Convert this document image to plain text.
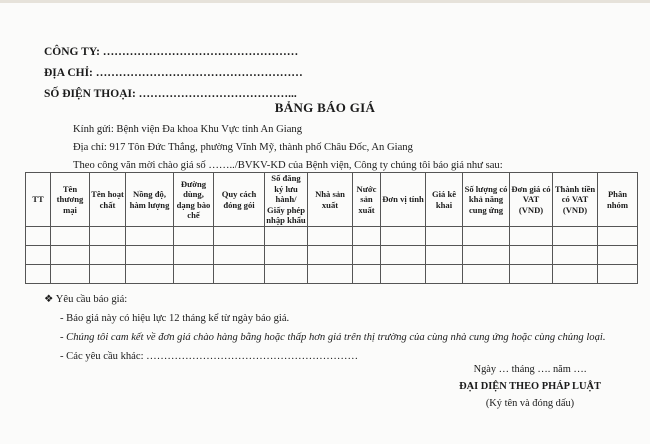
CÔNG TY: ……………………………………………
ĐỊA CHỈ: ………………………………………………
SỐ ĐIỆN THOẠI: …………………………………...
BẢNG BÁO GIÁ
Kính gửi: Bệnh viện Đa khoa Khu Vực tỉnh An Giang
Địa chỉ: 917 Tôn Đức Thắng, phường Vĩnh Mỹ, thành phố Châu Đốc, An Giang
Theo công văn mời chào giá số ……../BVKV-KD của Bệnh viện, Công ty chúng tôi báo giá như sau:
TT	Tên thương mại	Tên hoạt chất	Nồng độ, hàm lượng	Đường dùng, dạng bào chế	Quy cách đóng gói	Số đăng ký lưu hành/ Giấy phép nhập khẩu	Nhà sản xuất	Nước sản xuất	Đơn vị tính	Giá kê khai	Số lượng có khả năng cung ứng	Đơn giá có VAT (VND)	Thành tiền có VAT (VND)	Phân nhóm

❖ Yêu cầu báo giá:
- Báo giá này có hiệu lực 12 tháng kể từ ngày báo giá.
- Chúng tôi cam kết về đơn giá chào hàng bằng hoặc thấp hơn giá trên thị trường của cùng nhà cung ứng hoặc cùng chủng loại.
- Các yêu cầu khác: ……………………………………………………
Ngày … tháng …. năm ….
ĐẠI DIỆN THEO PHÁP LUẬT
(Ký tên và đóng dấu)
